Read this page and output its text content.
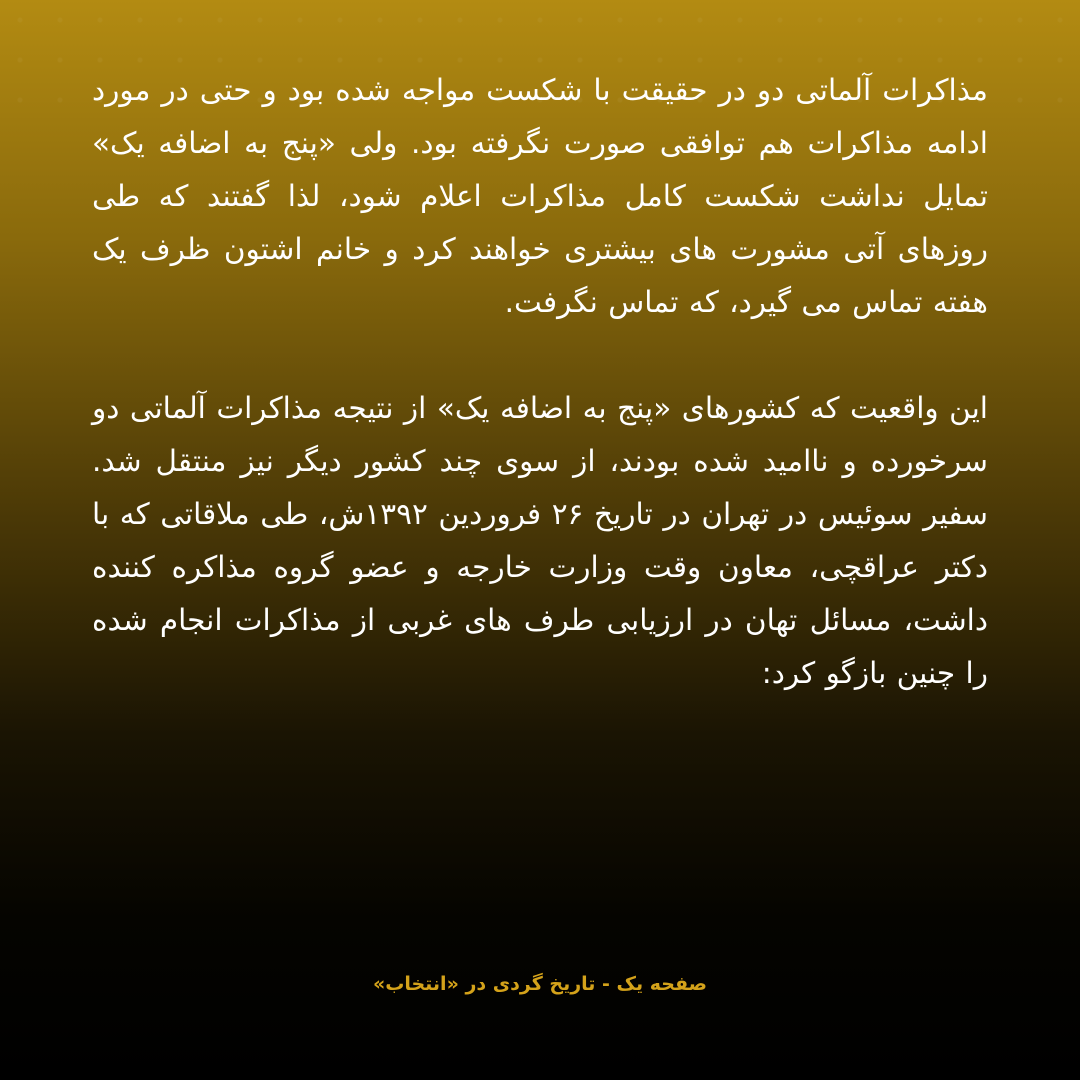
مذاکرات آلماتی دو در حقیقت با شکست مواجه شده بود و حتی در مورد ادامه مذاکرات هم توافقی صورت نگرفته بود. ولی «پنج به اضافه یک» تمایل نداشت شکست کامل مذاکرات اعلام شود، لذا گفتند که طی روزهای آتی مشورت های بیشتری خواهند کرد و خانم اشتون ظرف یک هفته تماس می گیرد، که تماس نگرفت.

این واقعیت که کشورهای «پنج به اضافه یک» از نتیجه مذاکرات آلماتی دو سرخورده و ناامید شده بودند، از سوی چند کشور دیگر نیز منتقل شد. سفیر سوئیس در تهران در تاریخ ۲۶ فروردین ۱۳۹۲ش، طی ملاقاتی که با دکتر عراقچی، معاون وقت وزارت خارجه و عضو گروه مذاکره کننده داشت، مسائل تهان در ارزیابی طرف های غربی از مذاکرات انجام شده را چنین بازگو کرد:

صفحه یک - تاریخ گردی در «انتخاب»
